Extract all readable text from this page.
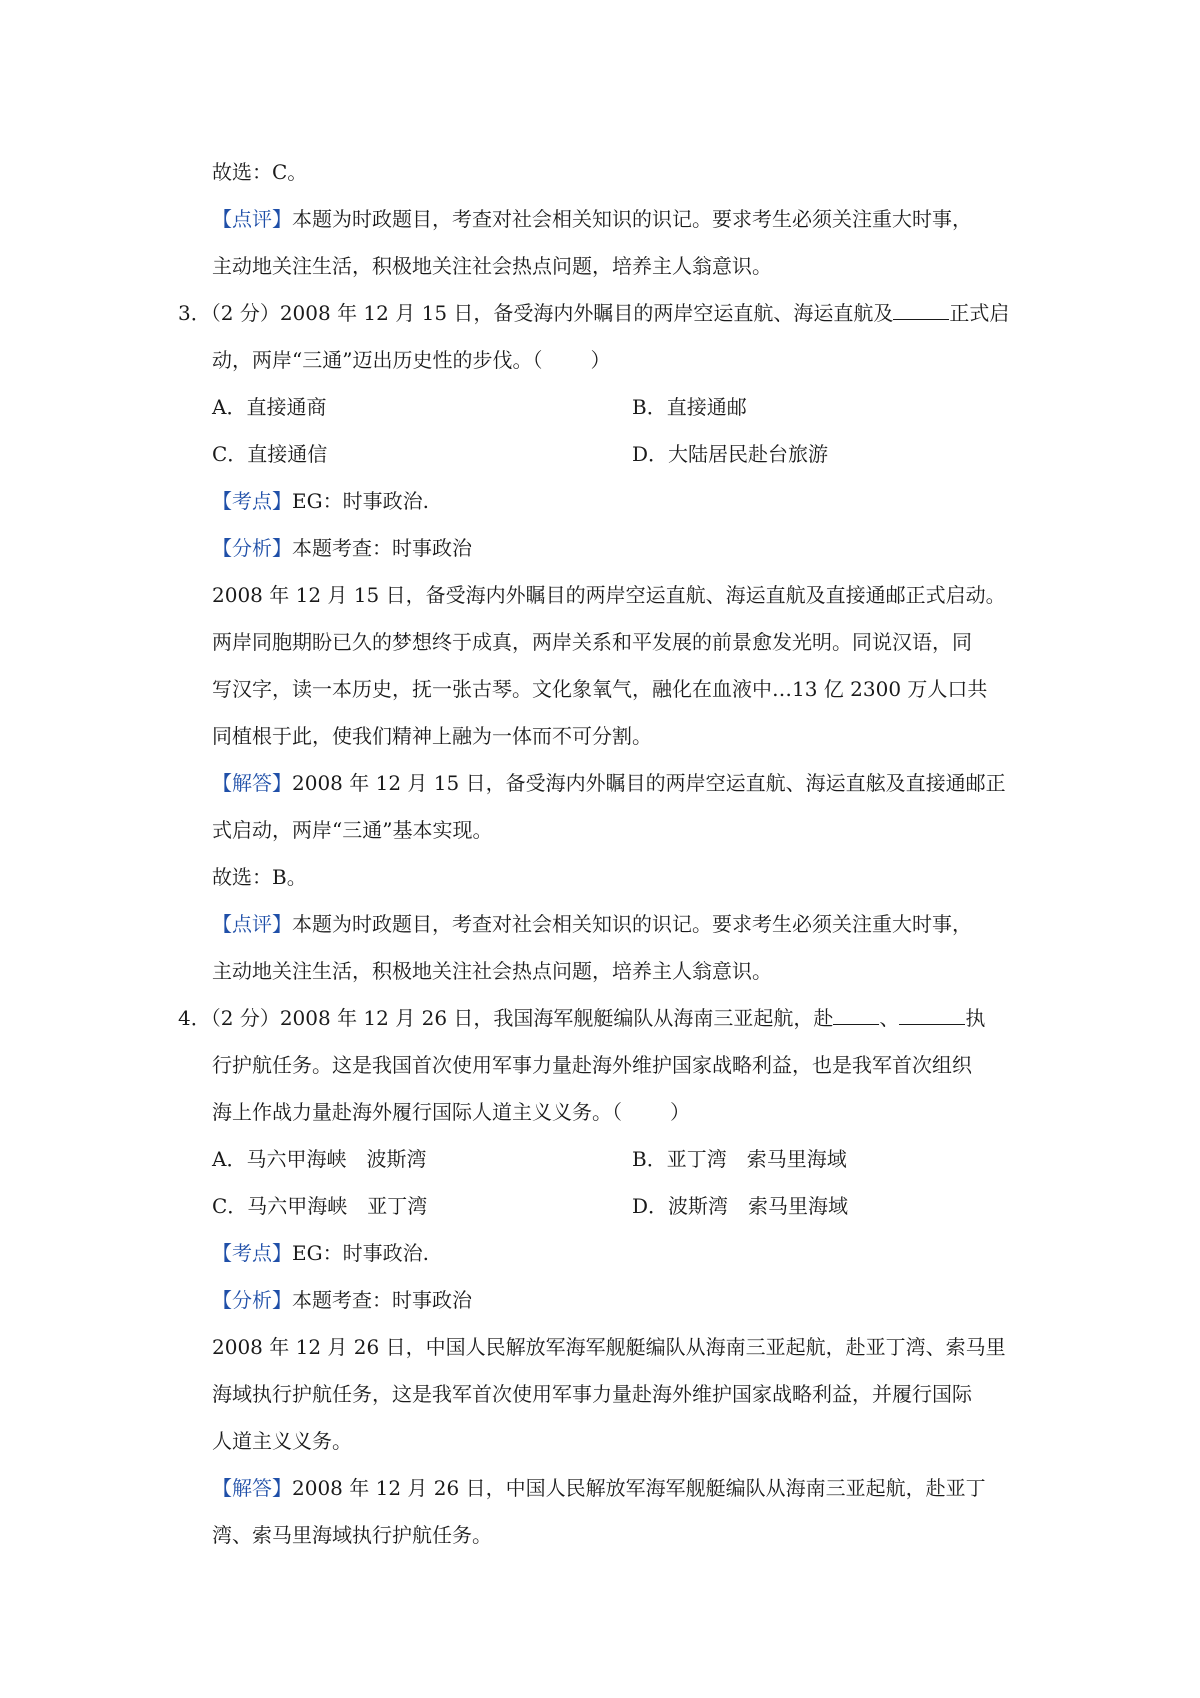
故选：C。
【点评】本题为时政题目，考查对社会相关知识的识记。要求考生必须关注重大时事，
主动地关注生活，积极地关注社会热点问题，培养主人翁意识。
3．（2 分）2008 年 12 月 15 日，备受海内外瞩目的两岸空运直航、海运直航及	正式启
动，两岸“三通”迈出历史性的步伐。（ ）
A．直接通商	B．直接通邮
C．直接通信	D．大陆居民赴台旅游
【考点】EG：时事政治.
【分析】本题考查：时事政治
2008 年 12 月 15 日，备受海内外瞩目的两岸空运直航、海运直航及直接通邮正式启动。
两岸同胞期盼已久的梦想终于成真，两岸关系和平发展的前景愈发光明。同说汉语，同
写汉字，读一本历史，抚一张古琴。文化象氧气，融化在血液中…13 亿 2300 万人口共
同植根于此，使我们精神上融为一体而不可分割。
【解答】2008 年 12 月 15 日，备受海内外瞩目的两岸空运直航、海运直舷及直接通邮正
式启动，两岸“三通”基本实现。
故选：B。
【点评】本题为时政题目，考查对社会相关知识的识记。要求考生必须关注重大时事，
主动地关注生活，积极地关注社会热点问题，培养主人翁意识。
4．（2 分）2008 年 12 月 26 日，我国海军舰艇编队从海南三亚起航，赴 、	执
行护航任务。这是我国首次使用军事力量赴海外维护国家战略利益，也是我军首次组织
海上作战力量赴海外履行国际人道主义义务。（ ）
A．马六甲海峡　波斯湾	B．亚丁湾　索马里海域
C．马六甲海峡　亚丁湾	D．波斯湾　索马里海域
【考点】EG：时事政治.
【分析】本题考查：时事政治
2008 年 12 月 26 日，中国人民解放军海军舰艇编队从海南三亚起航，赴亚丁湾、索马里
海域执行护航任务，这是我军首次使用军事力量赴海外维护国家战略利益，并履行国际
人道主义义务。
【解答】2008 年 12 月 26 日，中国人民解放军海军舰艇编队从海南三亚起航，赴亚丁
湾、索马里海域执行护航任务。
